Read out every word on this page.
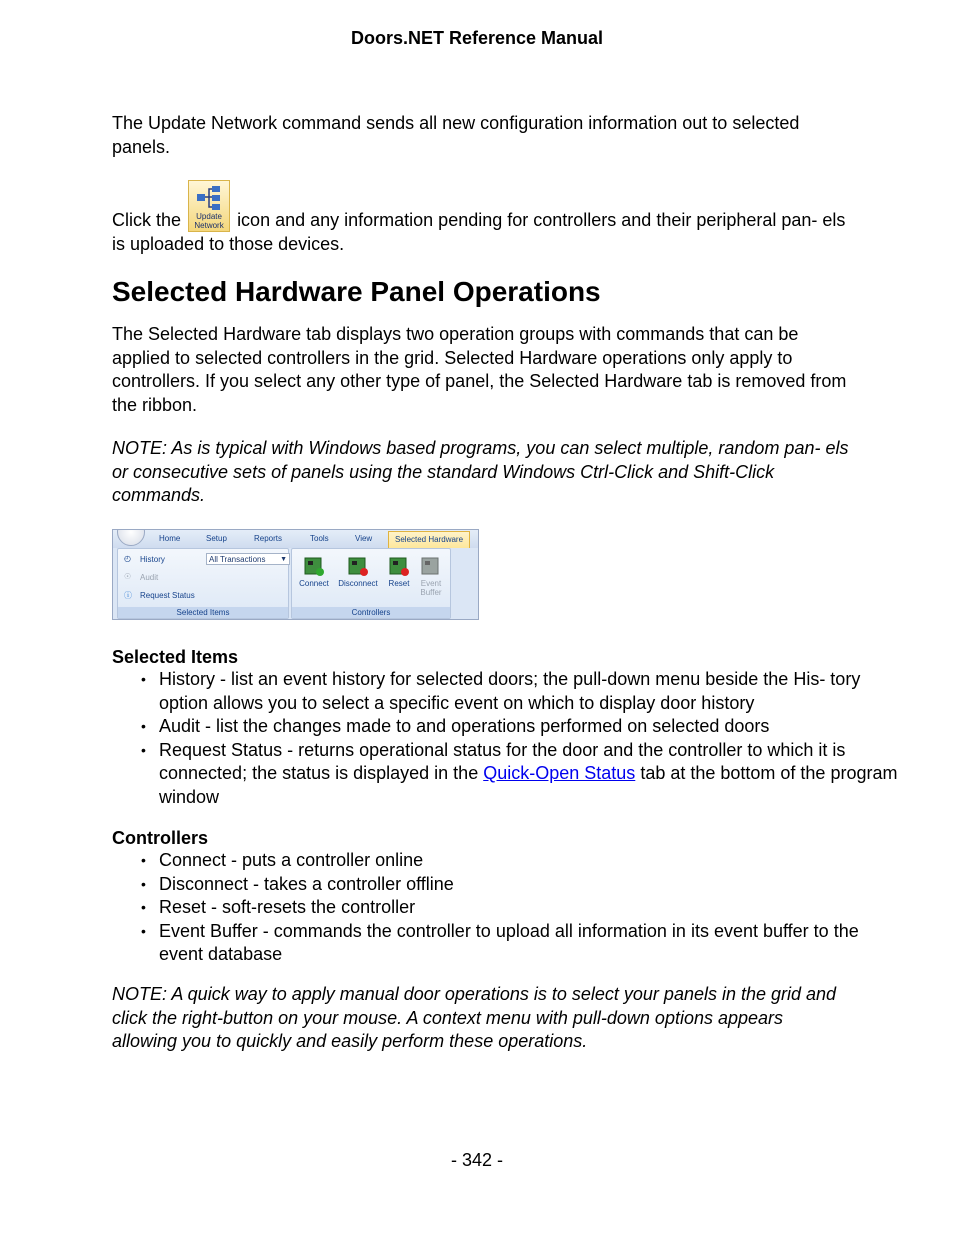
Doors.NET Reference Manual

The Update Network command sends all new configuration information out to selected panels.

Click the	Update Network icon and any information pending for controllers and their peripheral pan- els is uploaded to those devices.

Selected Hardware Panel Operations

The Selected Hardware tab displays two operation groups with commands that can be applied to selected controllers in the grid. Selected Hardware operations only apply to controllers. If you select any other type of panel, the Selected Hardware tab is removed from the ribbon.

NOTE: As is typical with Windows based programs, you can select multiple, random pan- els or consecutive sets of panels using the standard Windows Ctrl-Click and Shift-Click commands.

Home	Setup	Reports	Tools	View	Selected Hardware
◴ History	All Transactions ▼
☉ Audit
ⓘ Request Status
Selected Items
Connect	Disconnect	Reset	Event Buffer
Controllers

Selected Items

• History - list an event history for selected doors; the pull-down menu beside the His- tory option allows you to select a specific event on which to display door history
• Audit - list the changes made to and operations performed on selected doors
• Request Status - returns operational status for the door and the controller to which it is connected; the status is displayed in the Quick-Open Status tab at the bottom of the program window

Controllers

• Connect - puts a controller online
• Disconnect - takes a controller offline
• Reset - soft-resets the controller
• Event Buffer - commands the controller to upload all information in its event buffer to the event database

NOTE: A quick way to apply manual door operations is to select your panels in the grid and click the right-button on your mouse. A context menu with pull-down options appears allowing you to quickly and easily perform these operations.

- 342 -
